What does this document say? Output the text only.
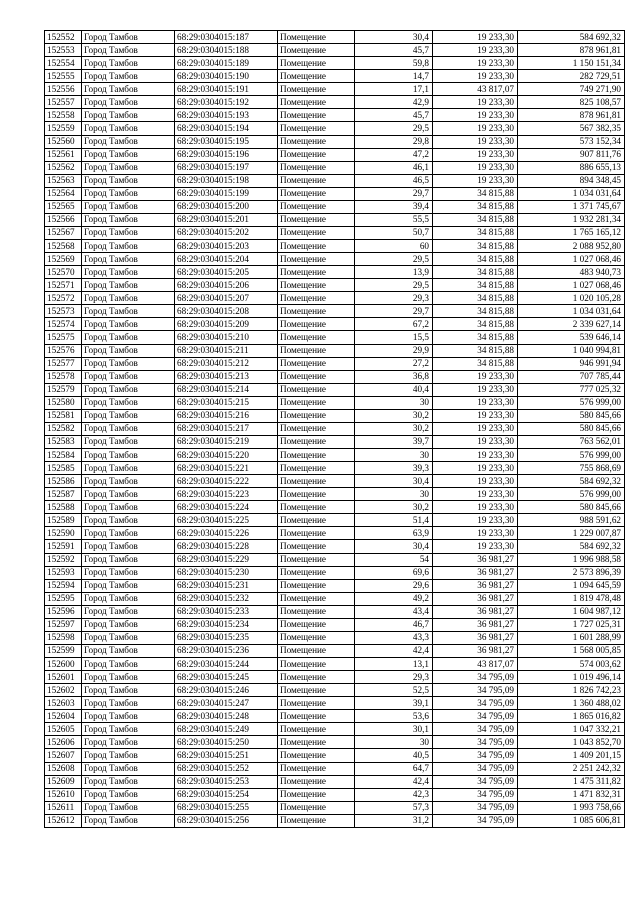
152552	Город Тамбов	68:29:0304015:187	Помещение	30,4	19 233,30	584 692,32
152553	Город Тамбов	68:29:0304015:188	Помещение	45,7	19 233,30	878 961,81
152554	Город Тамбов	68:29:0304015:189	Помещение	59,8	19 233,30	1 150 151,34
152555	Город Тамбов	68:29:0304015:190	Помещение	14,7	19 233,30	282 729,51
152556	Город Тамбов	68:29:0304015:191	Помещение	17,1	43 817,07	749 271,90
152557	Город Тамбов	68:29:0304015:192	Помещение	42,9	19 233,30	825 108,57
152558	Город Тамбов	68:29:0304015:193	Помещение	45,7	19 233,30	878 961,81
152559	Город Тамбов	68:29:0304015:194	Помещение	29,5	19 233,30	567 382,35
152560	Город Тамбов	68:29:0304015:195	Помещение	29,8	19 233,30	573 152,34
152561	Город Тамбов	68:29:0304015:196	Помещение	47,2	19 233,30	907 811,76
152562	Город Тамбов	68:29:0304015:197	Помещение	46,1	19 233,30	886 655,13
152563	Город Тамбов	68:29:0304015:198	Помещение	46,5	19 233,30	894 348,45
152564	Город Тамбов	68:29:0304015:199	Помещение	29,7	34 815,88	1 034 031,64
152565	Город Тамбов	68:29:0304015:200	Помещение	39,4	34 815,88	1 371 745,67
152566	Город Тамбов	68:29:0304015:201	Помещение	55,5	34 815,88	1 932 281,34
152567	Город Тамбов	68:29:0304015:202	Помещение	50,7	34 815,88	1 765 165,12
152568	Город Тамбов	68:29:0304015:203	Помещение	60	34 815,88	2 088 952,80
152569	Город Тамбов	68:29:0304015:204	Помещение	29,5	34 815,88	1 027 068,46
152570	Город Тамбов	68:29:0304015:205	Помещение	13,9	34 815,88	483 940,73
152571	Город Тамбов	68:29:0304015:206	Помещение	29,5	34 815,88	1 027 068,46
152572	Город Тамбов	68:29:0304015:207	Помещение	29,3	34 815,88	1 020 105,28
152573	Город Тамбов	68:29:0304015:208	Помещение	29,7	34 815,88	1 034 031,64
152574	Город Тамбов	68:29:0304015:209	Помещение	67,2	34 815,88	2 339 627,14
152575	Город Тамбов	68:29:0304015:210	Помещение	15,5	34 815,88	539 646,14
152576	Город Тамбов	68:29:0304015:211	Помещение	29,9	34 815,88	1 040 994,81
152577	Город Тамбов	68:29:0304015:212	Помещение	27,2	34 815,88	946 991,94
152578	Город Тамбов	68:29:0304015:213	Помещение	36,8	19 233,30	707 785,44
152579	Город Тамбов	68:29:0304015:214	Помещение	40,4	19 233,30	777 025,32
152580	Город Тамбов	68:29:0304015:215	Помещение	30	19 233,30	576 999,00
152581	Город Тамбов	68:29:0304015:216	Помещение	30,2	19 233,30	580 845,66
152582	Город Тамбов	68:29:0304015:217	Помещение	30,2	19 233,30	580 845,66
152583	Город Тамбов	68:29:0304015:219	Помещение	39,7	19 233,30	763 562,01
152584	Город Тамбов	68:29:0304015:220	Помещение	30	19 233,30	576 999,00
152585	Город Тамбов	68:29:0304015:221	Помещение	39,3	19 233,30	755 868,69
152586	Город Тамбов	68:29:0304015:222	Помещение	30,4	19 233,30	584 692,32
152587	Город Тамбов	68:29:0304015:223	Помещение	30	19 233,30	576 999,00
152588	Город Тамбов	68:29:0304015:224	Помещение	30,2	19 233,30	580 845,66
152589	Город Тамбов	68:29:0304015:225	Помещение	51,4	19 233,30	988 591,62
152590	Город Тамбов	68:29:0304015:226	Помещение	63,9	19 233,30	1 229 007,87
152591	Город Тамбов	68:29:0304015:228	Помещение	30,4	19 233,30	584 692,32
152592	Город Тамбов	68:29:0304015:229	Помещение	54	36 981,27	1 996 988,58
152593	Город Тамбов	68:29:0304015:230	Помещение	69,6	36 981,27	2 573 896,39
152594	Город Тамбов	68:29:0304015:231	Помещение	29,6	36 981,27	1 094 645,59
152595	Город Тамбов	68:29:0304015:232	Помещение	49,2	36 981,27	1 819 478,48
152596	Город Тамбов	68:29:0304015:233	Помещение	43,4	36 981,27	1 604 987,12
152597	Город Тамбов	68:29:0304015:234	Помещение	46,7	36 981,27	1 727 025,31
152598	Город Тамбов	68:29:0304015:235	Помещение	43,3	36 981,27	1 601 288,99
152599	Город Тамбов	68:29:0304015:236	Помещение	42,4	36 981,27	1 568 005,85
152600	Город Тамбов	68:29:0304015:244	Помещение	13,1	43 817,07	574 003,62
152601	Город Тамбов	68:29:0304015:245	Помещение	29,3	34 795,09	1 019 496,14
152602	Город Тамбов	68:29:0304015:246	Помещение	52,5	34 795,09	1 826 742,23
152603	Город Тамбов	68:29:0304015:247	Помещение	39,1	34 795,09	1 360 488,02
152604	Город Тамбов	68:29:0304015:248	Помещение	53,6	34 795,09	1 865 016,82
152605	Город Тамбов	68:29:0304015:249	Помещение	30,1	34 795,09	1 047 332,21
152606	Город Тамбов	68:29:0304015:250	Помещение	30	34 795,09	1 043 852,70
152607	Город Тамбов	68:29:0304015:251	Помещение	40,5	34 795,09	1 409 201,15
152608	Город Тамбов	68:29:0304015:252	Помещение	64,7	34 795,09	2 251 242,32
152609	Город Тамбов	68:29:0304015:253	Помещение	42,4	34 795,09	1 475 311,82
152610	Город Тамбов	68:29:0304015:254	Помещение	42,3	34 795,09	1 471 832,31
152611	Город Тамбов	68:29:0304015:255	Помещение	57,3	34 795,09	1 993 758,66
152612	Город Тамбов	68:29:0304015:256	Помещение	31,2	34 795,09	1 085 606,81
